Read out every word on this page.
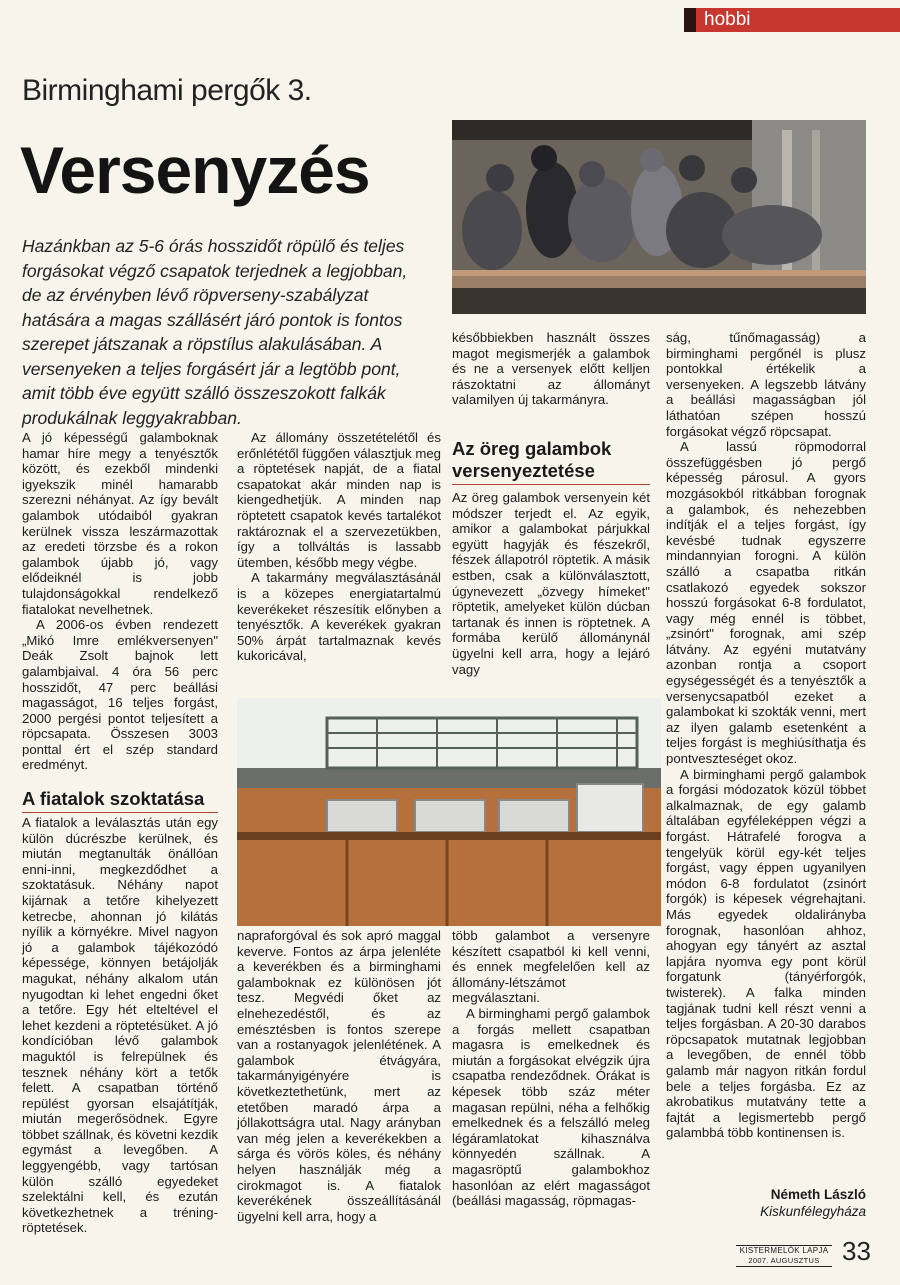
hobbi
Birminghami pergők 3.
Versenyzés

Hazánkban az 5-6 órás hosszidőt röpülő és teljes forgásokat végző csapatok terjednek a legjobban, de az érvényben lévő röpverseny-szabályzat hatására a magas szállásért járó pontok is fontos szerepet játszanak a röpstílus alakulásában. A versenyeken a teljes forgásért jár a legtöbb pont, amit több éve együtt szálló összeszokott falkák produkálnak leggyakrabban.

A jó képességű galamboknak hamar híre megy a tenyésztők között, és ezekből mindenki igyekszik minél hamarabb szerezni néhányat. Az így bevált galambok utódaiból gyakran kerülnek vissza leszármazottak az eredeti törzsbe és a rokon galambok újabb jó, vagy elődeiknél is jobb tulajdonságokkal rendelkező fiatalokat nevelhetnek.

A 2006-os évben rendezett „Mikó Imre emlékversenyen" Deák Zsolt bajnok lett galambjaival. 4 óra 56 perc hosszidőt, 47 perc beállási magasságot, 16 teljes forgást, 2000 pergési pontot teljesített a röpcsapata. Összesen 3003 ponttal ért el szép standard eredményt.

A fiatalok szoktatása

A fiatalok a leválasztás után egy külön dúcrészbe kerülnek, és miután megtanulták önállóan enni-inni, megkezdődhet a szoktatásuk. Néhány napot kijárnak a tetőre kihelyezett ketrecbe, ahonnan jó kilátás nyílik a környékre. Mivel nagyon jó a galambok tájékozódó képessége, könnyen betájolják magukat, néhány alkalom után nyugodtan ki lehet engedni őket a tetőre. Egy hét elteltével el lehet kezdeni a röptetésüket. A jó kondícióban lévő galambok maguktól is felrepülnek és tesznek néhány kört a tetők felett. A csapatban történő repülést gyorsan elsajátítják, miután megerősödnek. Egyre többet szállnak, és követni kezdik egymást a levegőben. A leggyengébb, vagy tartósan külön szálló egyedeket szelektálni kell, és ezután következhetnek a tréning-röptetések.

Az állomány összetételétől és erőnlététől függően választjuk meg a röptetések napját, de a fiatal csapatokat akár minden nap is kiengedhetjük. A minden nap röptetett csapatok kevés tartalékot raktároznak el a szervezetükben, így a tollváltás is lassabb ütemben, később megy végbe.

A takarmány megválasztásánál is a közepes energiatartalmú keverékeket részesítik előnyben a tenyésztők. A keverékek gyakran 50% árpát tartalmaznak kevés kukoricával,

napraforgóval és sok apró maggal keverve. Fontos az árpa jelenléte a keverékben és a birminghami galamboknak ez különösen jót tesz. Megvédi őket az elnehezedéstől, és az emésztésben is fontos szerepe van a rostanyagok jelenlétének. A galambok étvágyára, takarmányigényére is következtethetünk, mert az etetőben maradó árpa a jóllakottságra utal. Nagy arányban van még jelen a keverékekben a sárga és vörös köles, és néhány helyen használják még a cirokmagot is. A fiatalok keverékének összeállításánál ügyelni kell arra, hogy a

későbbiekben használt összes magot megismerjék a galambok és ne a versenyek előtt kelljen rászoktatni az állományt valamilyen új takarmányra.

Az öreg galambok versenyeztetése

Az öreg galambok versenyein két módszer terjedt el. Az egyik, amikor a galambokat párjukkal együtt hagyják és fészekről, fészek állapotról röptetik. A másik estben, csak a különválasztott, úgynevezett „özvegy hímeket" röptetik, amelyeket külön dúcban tartanak és innen is röptetnek. A formába kerülő állománynál ügyelni kell arra, hogy a lejáró vagy

több galambot a versenyre készített csapatból ki kell venni, és ennek megfelelően kell az állomány-létszámot megválasztani.

A birminghami pergő galambok a forgás mellett csapatban magasra is emelkednek és miután a forgásokat elvégzik újra csapatba rendeződnek. Órákat is képesek több száz méter magasan repülni, néha a felhőkig emelkednek és a felszálló meleg légáramlatokat kihasználva könnyedén szállnak. A magasröptű galambokhoz hasonlóan az elért magasságot (beállási magasság, röpmagas-

ság, tűnőmagasság) a birminghami pergőnél is plusz pontokkal értékelik a versenyeken. A legszebb látvány a beállási magasságban jól láthatóan szépen hosszú forgásokat végző röpcsapat.

A lassú röpmodorral összefüggésben jó pergő képesség párosul. A gyors mozgásokból ritkábban forognak a galambok, és nehezebben indítják el a teljes forgást, így kevésbé tudnak egyszerre mindannyian forogni. A külön szálló a csapatba ritkán csatlakozó egyedek sokszor hosszú forgásokat 6-8 fordulatot, vagy még ennél is többet, „zsinórt" forognak, ami szép látvány. Az egyéni mutatvány azonban rontja a csoport egységességét és a tenyésztők a versenycsapatból ezeket a galambokat ki szokták venni, mert az ilyen galamb esetenként a teljes forgást is meghiúsíthatja és pontveszteséget okoz.

A birminghami pergő galambok a forgási módozatok közül többet alkalmaznak, de egy galamb általában egyféleképpen végzi a forgást. Hátrafelé forogva a tengelyük körül egy-két teljes forgást, vagy éppen ugyanilyen módon 6-8 fordulatot (zsinórt forgók) is képesek végrehajtani. Más egyedek oldalirányba forognak, hasonlóan ahhoz, ahogyan egy tányért az asztal lapjára nyomva egy pont körül forgatunk (tányérforgók, twisterek). A falka minden tagjának tudni kell részt venni a teljes forgásban. A 20-30 darabos röpcsapatok mutatnak legjobban a levegőben, de ennél több galamb már nagyon ritkán fordul bele a teljes forgásba. Ez az akrobatikus mutatvány tette a fajtát a legismertebb pergő galambbá több kontinensen is.

Németh László
Kiskunfélegyháza
KISTERMELŐK LAPJA
2007. AUGUSZTUS 33
